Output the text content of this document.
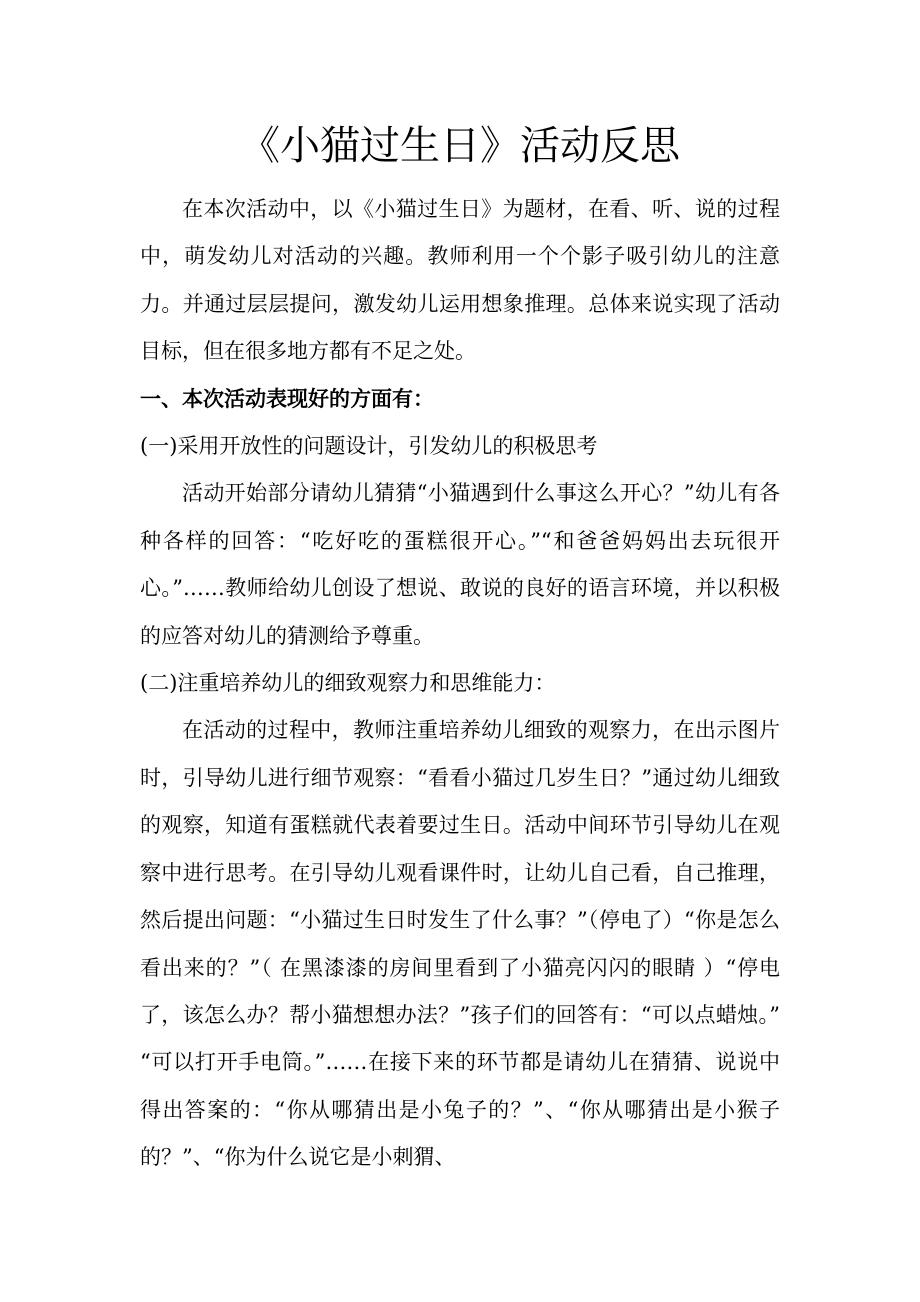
《小猫过生日》活动反思

在本次活动中，以《小猫过生日》为题材，在看、听、说的过程中，萌发幼儿对活动的兴趣。教师利用一个个影子吸引幼儿的注意力。并通过层层提问，激发幼儿运用想象推理。总体来说实现了活动目标，但在很多地方都有不足之处。

一、本次活动表现好的方面有：

(一)采用开放性的问题设计，引发幼儿的积极思考

活动开始部分请幼儿猜猜“小猫遇到什么事这么开心？”幼儿有各种各样的回答：“吃好吃的蛋糕很开心。”“和爸爸妈妈出去玩很开心。”……教师给幼儿创设了想说、敢说的良好的语言环境，并以积极的应答对幼儿的猜测给予尊重。

(二)注重培养幼儿的细致观察力和思维能力：

在活动的过程中，教师注重培养幼儿细致的观察力，在出示图片时，引导幼儿进行细节观察：“看看小猫过几岁生日？”通过幼儿细致的观察，知道有蛋糕就代表着要过生日。活动中间环节引导幼儿在观察中进行思考。在引导幼儿观看课件时，让幼儿自己看，自己推理，然后提出问题：“小猫过生日时发生了什么事？”（停电了）“你是怎么看出来的？”（ 在黑漆漆的房间里看到了小猫亮闪闪的眼睛 ）“停电了，该怎么办？帮小猫想想办法？”孩子们的回答有：“可以点蜡烛。” “可以打开手电筒。”……在接下来的环节都是请幼儿在猜猜、说说中得出答案的：“你从哪猜出是小兔子的？”、“你从哪猜出是小猴子的？”、“你为什么说它是小刺猬、
